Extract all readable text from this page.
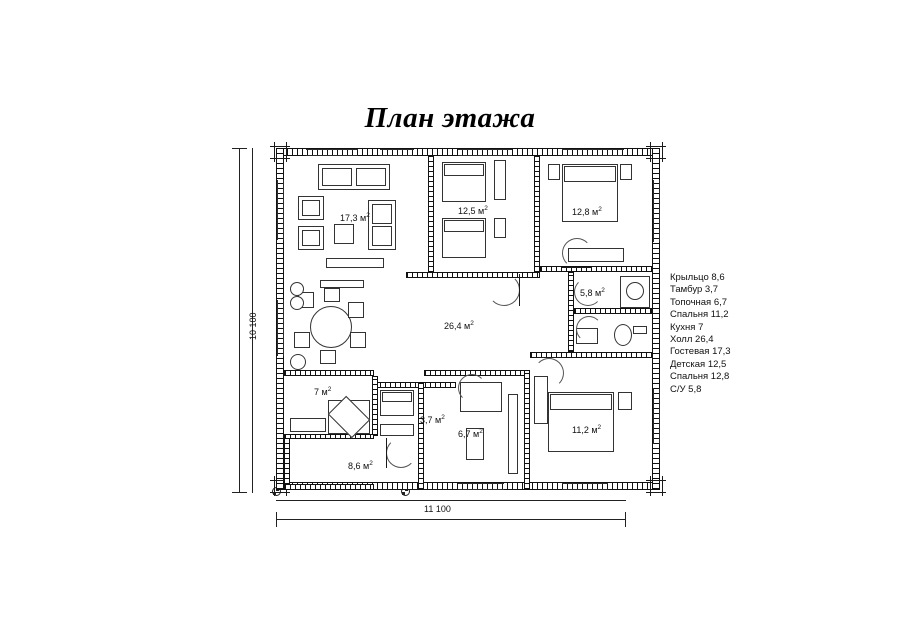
План этажа
10 100
11 100
17,3 $м^2$	12,5 $м^2$	12,8 $м^2$
5,8 $м^2$
26,4 $м^2$
7 $м^2$
3,7 $м^2$
6,7 $м^2$	11,2 $м^2$
8,6 $м^2$
Крыльцо 8,6
Тамбур 3,7
Топочная 6,7
Спальня 11,2
Кухня 7
Холл 26,4
Гостевая 17,3
Детская 12,5
Спальня 12,8
С/У 5,8
